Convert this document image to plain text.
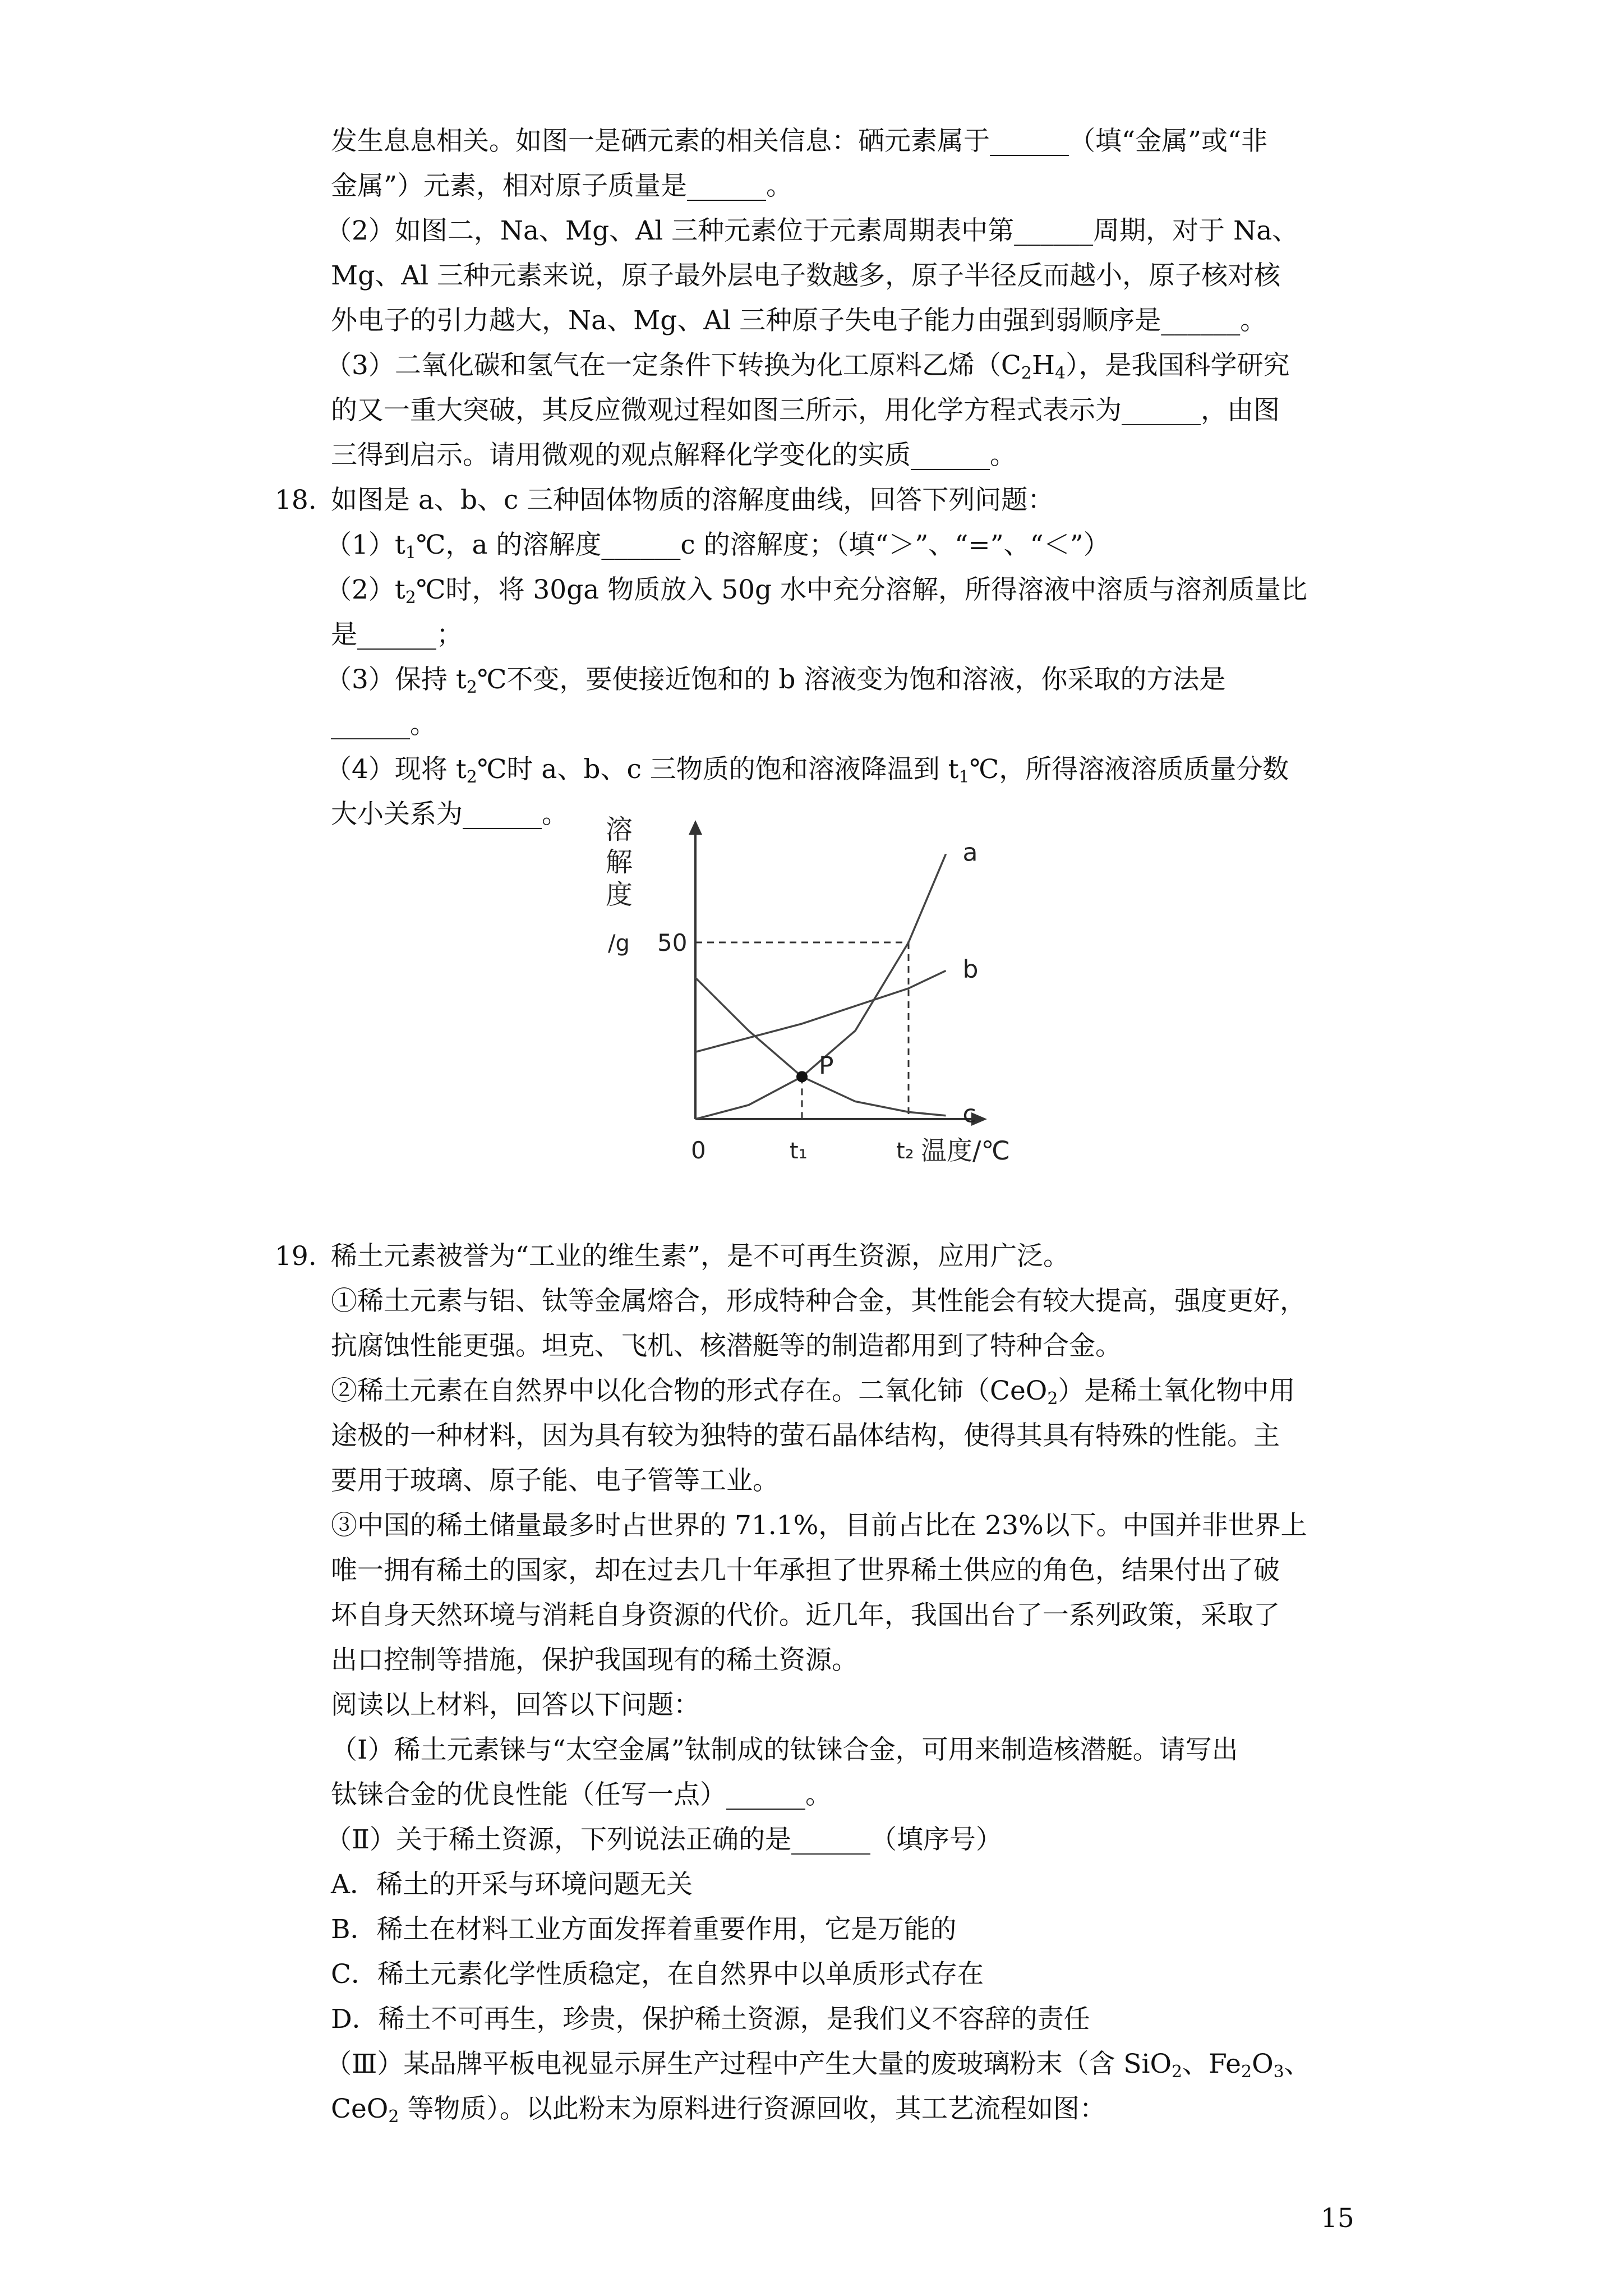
发生息息相关。如图一是硒元素的相关信息：硒元素属于______（填“金属”或“非
金属”）元素，相对原子质量是______。
（2）如图二，Na、Mg、Al 三种元素位于元素周期表中第______周期，对于 Na、
Mg、Al 三种元素来说，原子最外层电子数越多，原子半径反而越小，原子核对核
外电子的引力越大，Na、Mg、Al 三种原子失电子能力由强到弱顺序是______。
（3）二氧化碳和氢气在一定条件下转换为化工原料乙烯$(C_2H_4)$，是我国科学研究
的又一重大突破，其反应微观过程如图三所示，用化学方程式表示为______，由图
三得到启示。请用微观的观点解释化学变化的实质______。
18. 如图是 a、b、c 三种固体物质的溶解度曲线，回答下列问题：
$(1)t_1℃$，a 的溶解度______c 的溶解度；（填“＞”、“=”、“＜”）
$(2)t_2℃$时，将 30ga 物质放入 50g 水中充分溶解，所得溶液中溶质与溶剂质量比
是______；
（3）保持 $t_2℃$不变，要使接近饱和的 b 溶液变为饱和溶液，你采取的方法是
______。
（4）现将 $t_2℃$时 a、b、c 三物质的饱和溶液降温到 $t_1℃$，所得溶液溶质质量分数
大小关系为______。 溶
解
度
/g
a
b
c
P
50
0	t₁	t₂ 温度/℃
19. 稀土元素被誉为“工业的维生素”，是不可再生资源，应用广泛。
①稀土元素与铝、钛等金属熔合，形成特种合金，其性能会有较大提高，强度更好，
抗腐蚀性能更强。坦克、飞机、核潜艇等的制造都用到了特种合金。
②稀土元素在自然界中以化合物的形式存在。二氧化铈（CeO$_2$）是稀土氧化物中用
途极的一种材料，因为具有较为独特的萤石晶体结构，使得其具有特殊的性能。主
要用于玻璃、原子能、电子管等工业。
③中国的稀土储量最多时占世界的 71.1%，目前占比在 23%以下。中国并非世界上
唯一拥有稀土的国家，却在过去几十年承担了世界稀土供应的角色，结果付出了破
坏自身天然环境与消耗自身资源的代价。近几年，我国出台了一系列政策，采取了
出口控制等措施，保护我国现有的稀土资源。
阅读以上材料，回答以下问题：
（Ⅰ）稀土元素铼与“太空金属”钛制成的钛铼合金，可用来制造核潜艇。请写出
钛铼合金的优良性能（任写一点）______。
（Ⅱ）关于稀土资源，下列说法正确的是______（填序号）
A．稀土的开采与环境问题无关
B．稀土在材料工业方面发挥着重要作用，它是万能的
C．稀土元素化学性质稳定，在自然界中以单质形式存在
D．稀土不可再生，珍贵，保护稀土资源，是我们义不容辞的责任
（Ⅲ）某品牌平板电视显示屏生产过程中产生大量的废玻璃粉末（含 SiO$_2$、$Fe_2O_3$、
CeO$_2$ 等物质）。以此粉末为原料进行资源回收，其工艺流程如图：
15
